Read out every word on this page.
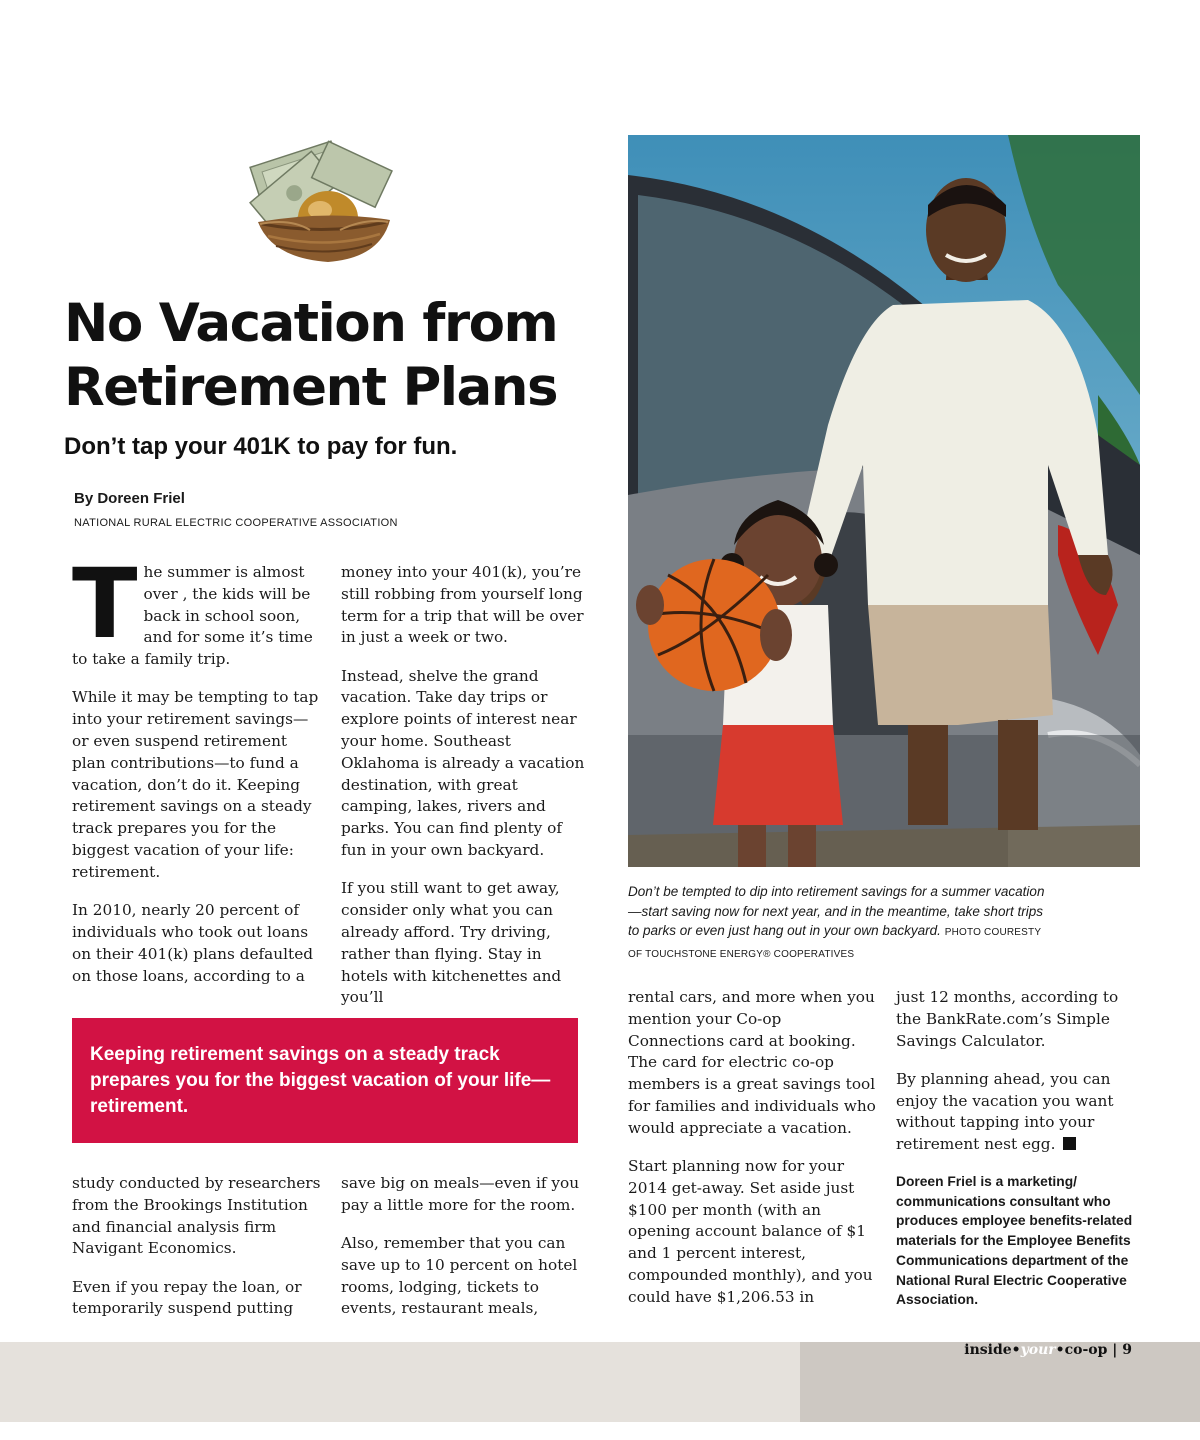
No Vacation from
Retirement Plans
Don’t tap your 401K to pay for fun.
By Doreen Friel
NATIONAL RURAL ELECTRIC COOPERATIVE ASSOCIATION

The summer is almost over , the kids will be back in school soon, and for some it’s time to take a family trip.

While it may be tempting to tap into your retirement savings—or even suspend retirement plan contributions—to fund a vacation, don’t do it. Keeping retirement savings on a steady track prepares you for the biggest vacation of your life: retirement.

In 2010, nearly 20 percent of individuals who took out loans on their 401(k) plans defaulted on those loans, according to a

money into your 401(k), you’re still robbing from yourself long term for a trip that will be over in just a week or two.

Instead, shelve the grand vacation. Take day trips or explore points of interest near your home. Southeast Oklahoma is already a vacation destination, with great camping, lakes, rivers and parks. You can find plenty of fun in your own backyard.

If you still want to get away, consider only what you can already afford. Try driving, rather than flying. Stay in hotels with kitchenettes and you’ll

Keeping retirement savings on a steady track prepares you for the biggest vacation of your life—retirement.

study conducted by researchers from the Brookings Institution and financial analysis firm Navigant Economics.

Even if you repay the loan, or temporarily suspend putting

save big on meals—even if you pay a little more for the room.

Also, remember that you can save up to 10 percent on hotel rooms, lodging, tickets to events, restaurant meals,

Don’t be tempted to dip into retirement savings for a summer vacation—start saving now for next year, and in the meantime, take short trips to parks or even just hang out in your own backyard. PHOTO COURESTY OF TOUCHSTONE ENERGY® COOPERATIVES

rental cars, and more when you mention your Co-op Connections card at booking. The card for electric co-op members is a great savings tool for families and individuals who would appreciate a vacation.

Start planning now for your 2014 get-away. Set aside just $100 per month (with an opening account balance of $1 and 1 percent interest, compounded monthly), and you could have $1,206.53 in

just 12 months, according to the BankRate.com’s Simple Savings Calculator.

By planning ahead, you can enjoy the vacation you want without tapping into your retirement nest egg.

Doreen Friel is a marketing/ communications consultant who produces employee benefits-related materials for the Employee Benefits Communications department of the National Rural Electric Cooperative Association.
inside•your•co-op | 9
